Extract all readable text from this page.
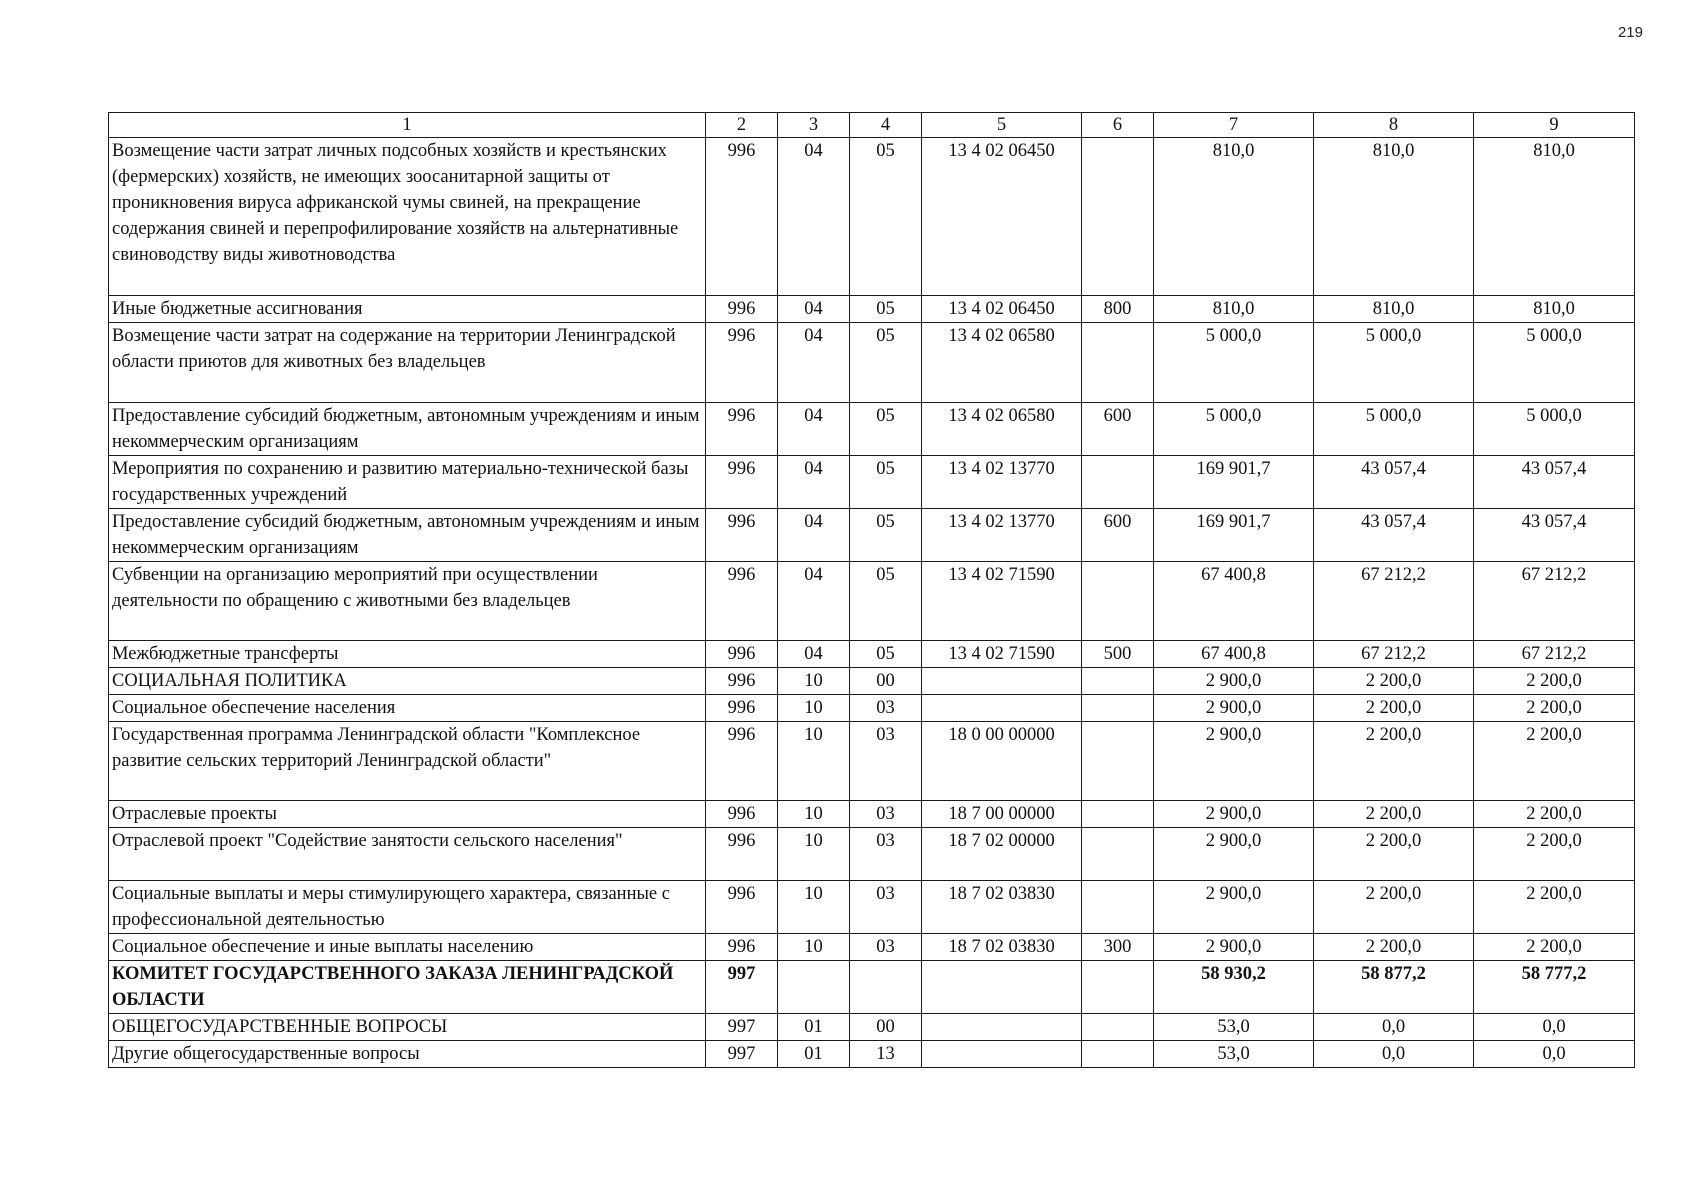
219
1	2	3	4	5	6	7	8	9
Возмещение части затрат личных подсобных хозяйств и крестьянских (фермерских) хозяйств, не имеющих зоосанитарной защиты от проникновения вируса африканской чумы свиней, на прекращение содержания свиней и перепрофилирование хозяйств на альтернативные свиноводству виды животноводства	996	04	05	13 4 02 06450		810,0	810,0	810,0
Иные бюджетные ассигнования	996	04	05	13 4 02 06450	800	810,0	810,0	810,0
Возмещение части затрат на содержание на территории Ленинградской области приютов для животных без владельцев	996	04	05	13 4 02 06580		5 000,0	5 000,0	5 000,0
Предоставление субсидий бюджетным, автономным учреждениям и иным некоммерческим организациям	996	04	05	13 4 02 06580	600	5 000,0	5 000,0	5 000,0
Мероприятия по сохранению и развитию материально-технической базы государственных учреждений	996	04	05	13 4 02 13770		169 901,7	43 057,4	43 057,4
Предоставление субсидий бюджетным, автономным учреждениям и иным некоммерческим организациям	996	04	05	13 4 02 13770	600	169 901,7	43 057,4	43 057,4
Субвенции на организацию мероприятий при осуществлении деятельности по обращению с животными без владельцев	996	04	05	13 4 02 71590		67 400,8	67 212,2	67 212,2
Межбюджетные трансферты	996	04	05	13 4 02 71590	500	67 400,8	67 212,2	67 212,2
СОЦИАЛЬНАЯ ПОЛИТИКА	996	10	00			2 900,0	2 200,0	2 200,0
Социальное обеспечение населения	996	10	03			2 900,0	2 200,0	2 200,0
Государственная программа Ленинградской области "Комплексное развитие сельских территорий Ленинградской области"	996	10	03	18 0 00 00000		2 900,0	2 200,0	2 200,0
Отраслевые проекты	996	10	03	18 7 00 00000		2 900,0	2 200,0	2 200,0
Отраслевой проект "Содействие занятости сельского населения"	996	10	03	18 7 02 00000		2 900,0	2 200,0	2 200,0
Социальные выплаты и меры стимулирующего характера, связанные с профессиональной деятельностью	996	10	03	18 7 02 03830		2 900,0	2 200,0	2 200,0
Социальное обеспечение и иные выплаты населению	996	10	03	18 7 02 03830	300	2 900,0	2 200,0	2 200,0
КОМИТЕТ ГОСУДАРСТВЕННОГО ЗАКАЗА ЛЕНИНГРАДСКОЙ ОБЛАСТИ	997					58 930,2	58 877,2	58 777,2
ОБЩЕГОСУДАРСТВЕННЫЕ ВОПРОСЫ	997	01	00			53,0	0,0	0,0
Другие общегосударственные вопросы	997	01	13			53,0	0,0	0,0
